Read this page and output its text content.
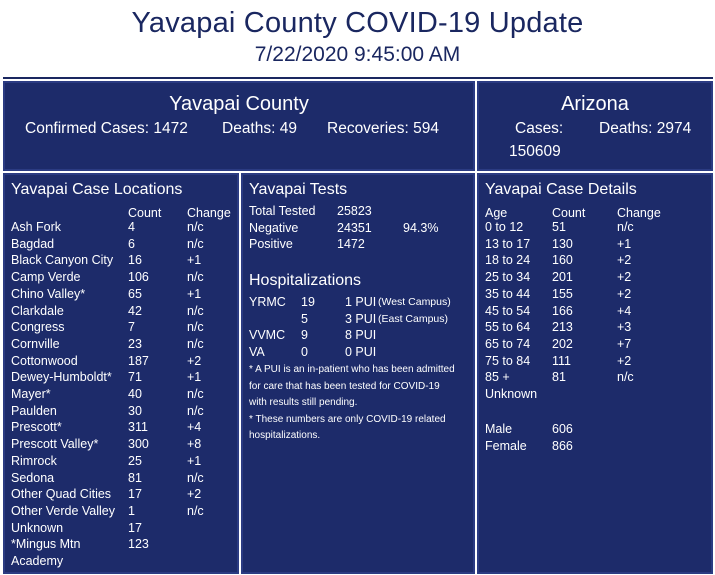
Yavapai County COVID-19 Update
7/22/2020 9:45:00 AM
Yavapai County
Confirmed Cases: 1472 Deaths: 49 Recoveries: 594
Arizona
Cases:
150609
Deaths: 2974
Yavapai Case Locations
Count Change
Ash Fork	4	n/c
Bagdad	6	n/c
Black Canyon City 16	+1
Camp Verde	106	n/c
Chino Valley*	65	+1
Clarkdale	42	n/c
Congress	7	n/c
Cornville	23	n/c
Cottonwood	187	+2
Dewey-Humboldt* 71	+1
Mayer*	40	n/c
Paulden	30	n/c
Prescott*	311	+4
Prescott Valley* 300	+8
Rimrock	25	+1
Sedona	81	n/c
Other Quad Cities 17	+2
Other Verde Valley 1	n/c
Unknown	17
*Mingus Mtn	123
Academy
Yavapai Tests
Total Tested 25823
Negative	24351 94.3%
Positive	1472
Hospitalizations
YRMC 19 1 PUI (West Campus)
5	3 PUI (East Campus)
VVMC 9	8 PUI
VA	0	0 PUI
* A PUI is an in-patient who has been admitted
for care that has been tested for COVID-19
with results still pending.
* These numbers are only COVID-19 related
hospitalizations.
Yavapai Case Details
Age	Count	Change
0 to 12 51	n/c
13 to 17 130	+1
18 to 24 160	+2
25 to 34 201	+2
35 to 44 155	+2
45 to 54 166	+4
55 to 64 213	+3
65 to 74 202	+7
75 to 84 111	+2
85 +	81	n/c
Unknown
Male	606
Female 866
